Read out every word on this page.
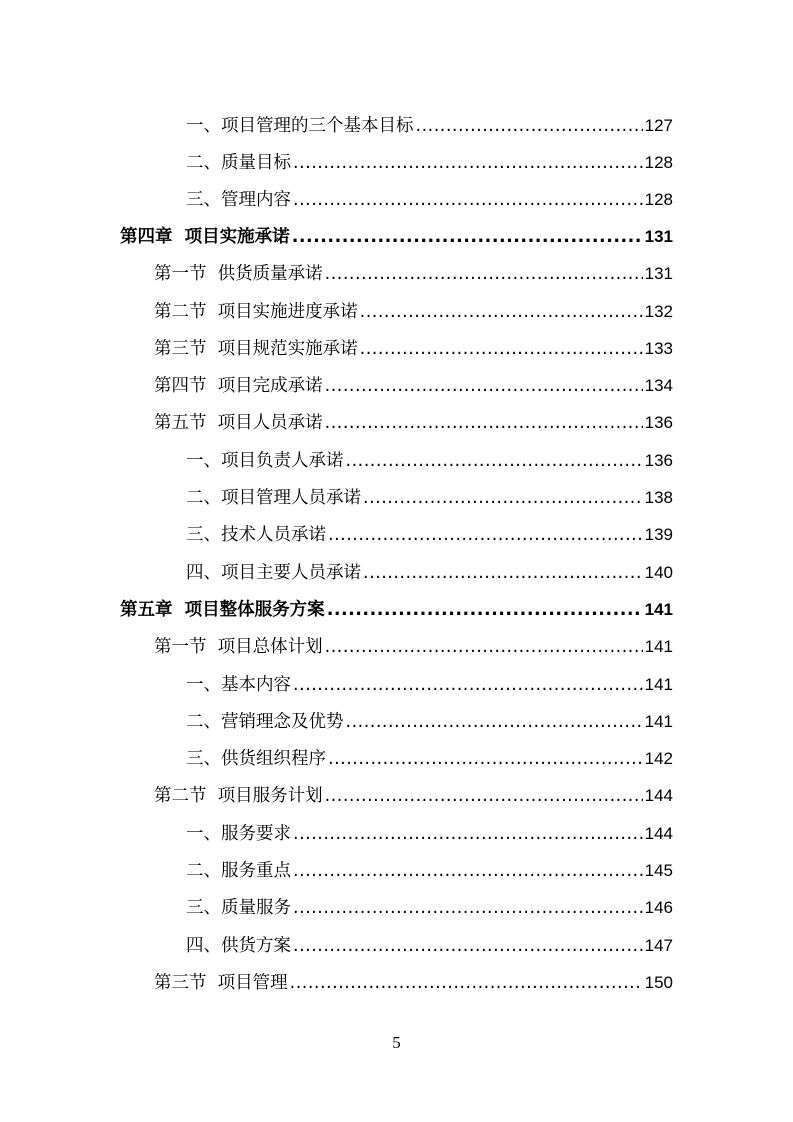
一、项目管理的三个基本目标 .....	127
二、质量目标 .....	128
三、管理内容 .....	128
第四章  项目实施承诺 .....	131
第一节  供货质量承诺 .....	131
第二节  项目实施进度承诺 .....	132
第三节  项目规范实施承诺 .....	133
第四节  项目完成承诺 .....	134
第五节  项目人员承诺 .....	136
一、项目负责人承诺 .....	136
二、项目管理人员承诺 .....	138
三、技术人员承诺 .....	139
四、项目主要人员承诺 .....	140
第五章  项目整体服务方案 .....	141
第一节  项目总体计划 .....	141
一、基本内容 .....	141
二、营销理念及优势 .....	141
三、供货组织程序 .....	142
第二节  项目服务计划 .....	144
一、服务要求 .....	144
二、服务重点 .....	145
三、质量服务 .....	146
四、供货方案 .....	147
第三节  项目管理 .....	150
5
